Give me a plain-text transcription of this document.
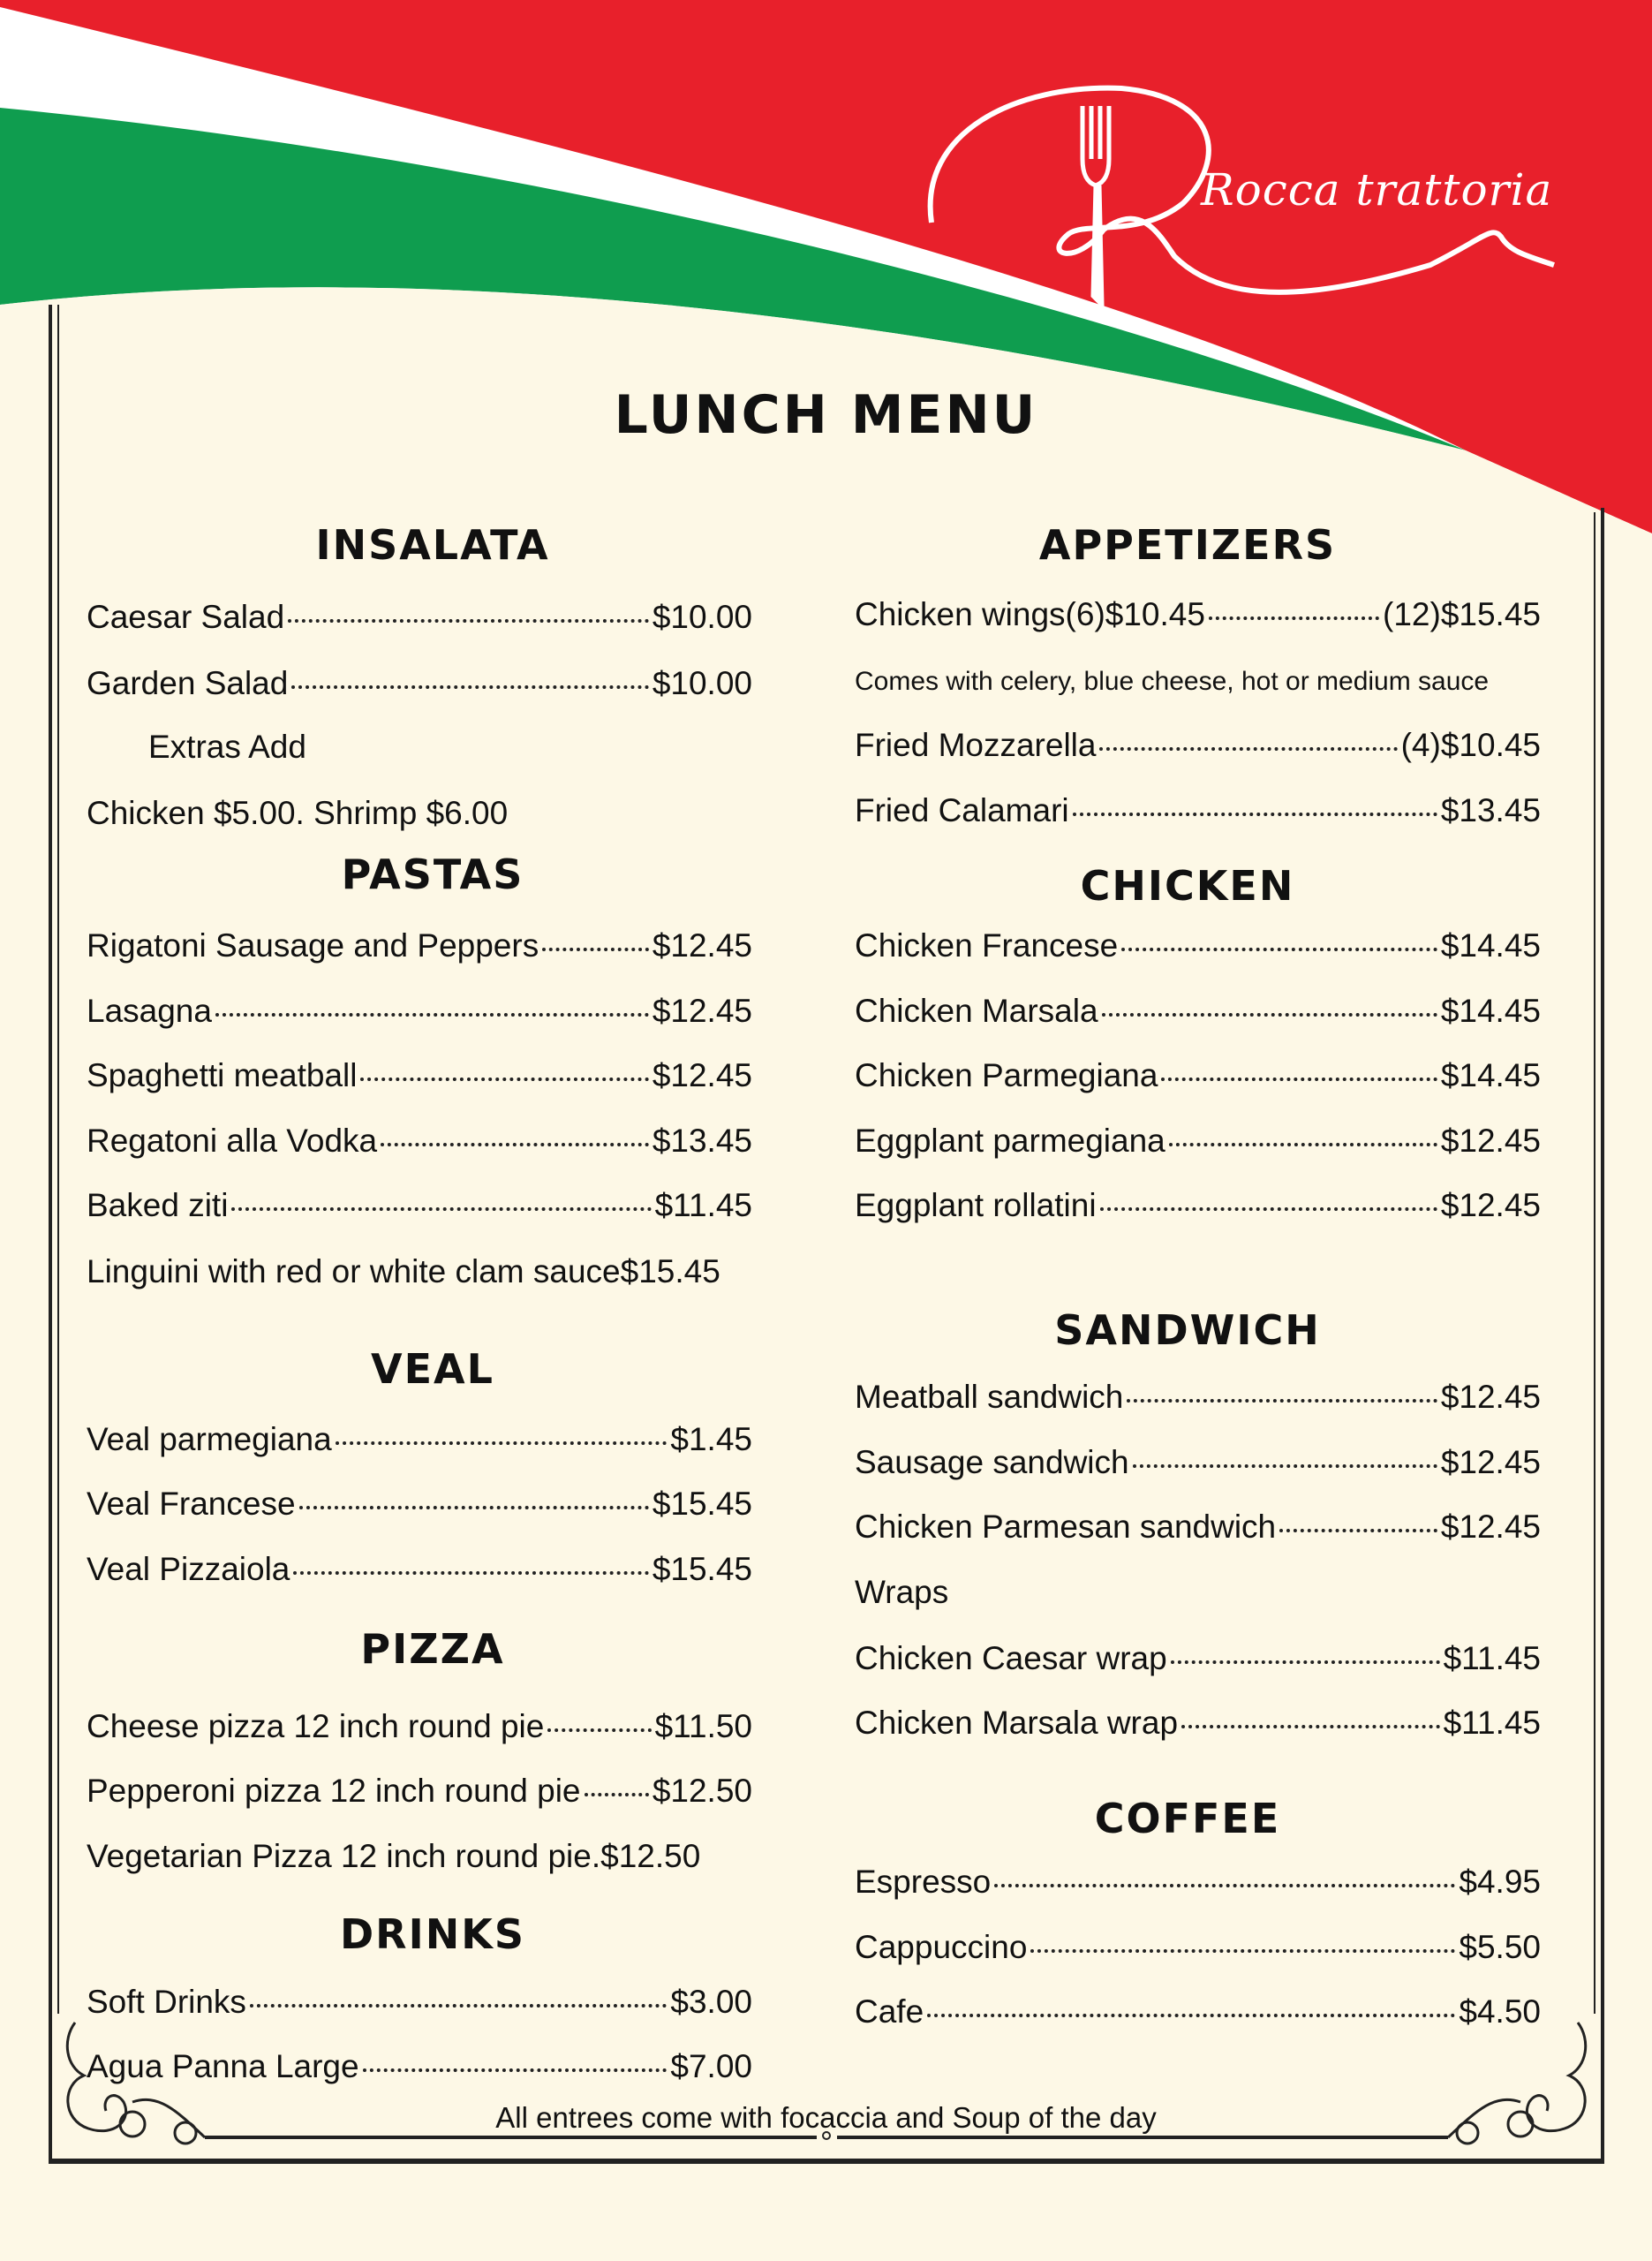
Rocca trattoria
LUNCH MENU
INSALATA
Caesar Salad	$10.00
Garden Salad	$10.00
Extras Add
Chicken $5.00. Shrimp $6.00
PASTAS
Rigatoni Sausage and Peppers	$12.45
Lasagna	$12.45
Spaghetti meatball	$12.45
Regatoni alla Vodka	$13.45
Baked ziti	$11.45
Linguini with red or white clam sauce $15.45
VEAL
Veal parmegiana	$1.45
Veal Francese	$15.45
Veal Pizzaiola	$15.45
PIZZA
Cheese pizza 12 inch round pie	$11.50
Pepperoni pizza 12 inch round pie $12.50
Vegetarian Pizza 12 inch round pie. $12.50
DRINKS
Soft Drinks	$3.00
Agua Panna Large	$7.00
APPETIZERS
Chicken wings(6)$10.45	(12)$15.45
Comes with celery, blue cheese, hot or medium sauce
Fried Mozzarella	(4)$10.45
Fried Calamari	$13.45
CHICKEN
Chicken Francese	$14.45
Chicken Marsala	$14.45
Chicken Parmegiana	$14.45
Eggplant parmegiana	$12.45
Eggplant rollatini	$12.45
SANDWICH
Meatball sandwich	$12.45
Sausage sandwich	$12.45
Chicken Parmesan sandwich	$12.45
Wraps
Chicken Caesar wrap	$11.45
Chicken Marsala wrap	$11.45
COFFEE
Espresso	$4.95
Cappuccino	$5.50
Cafe	$4.50
All entrees come with focaccia and Soup of the day
